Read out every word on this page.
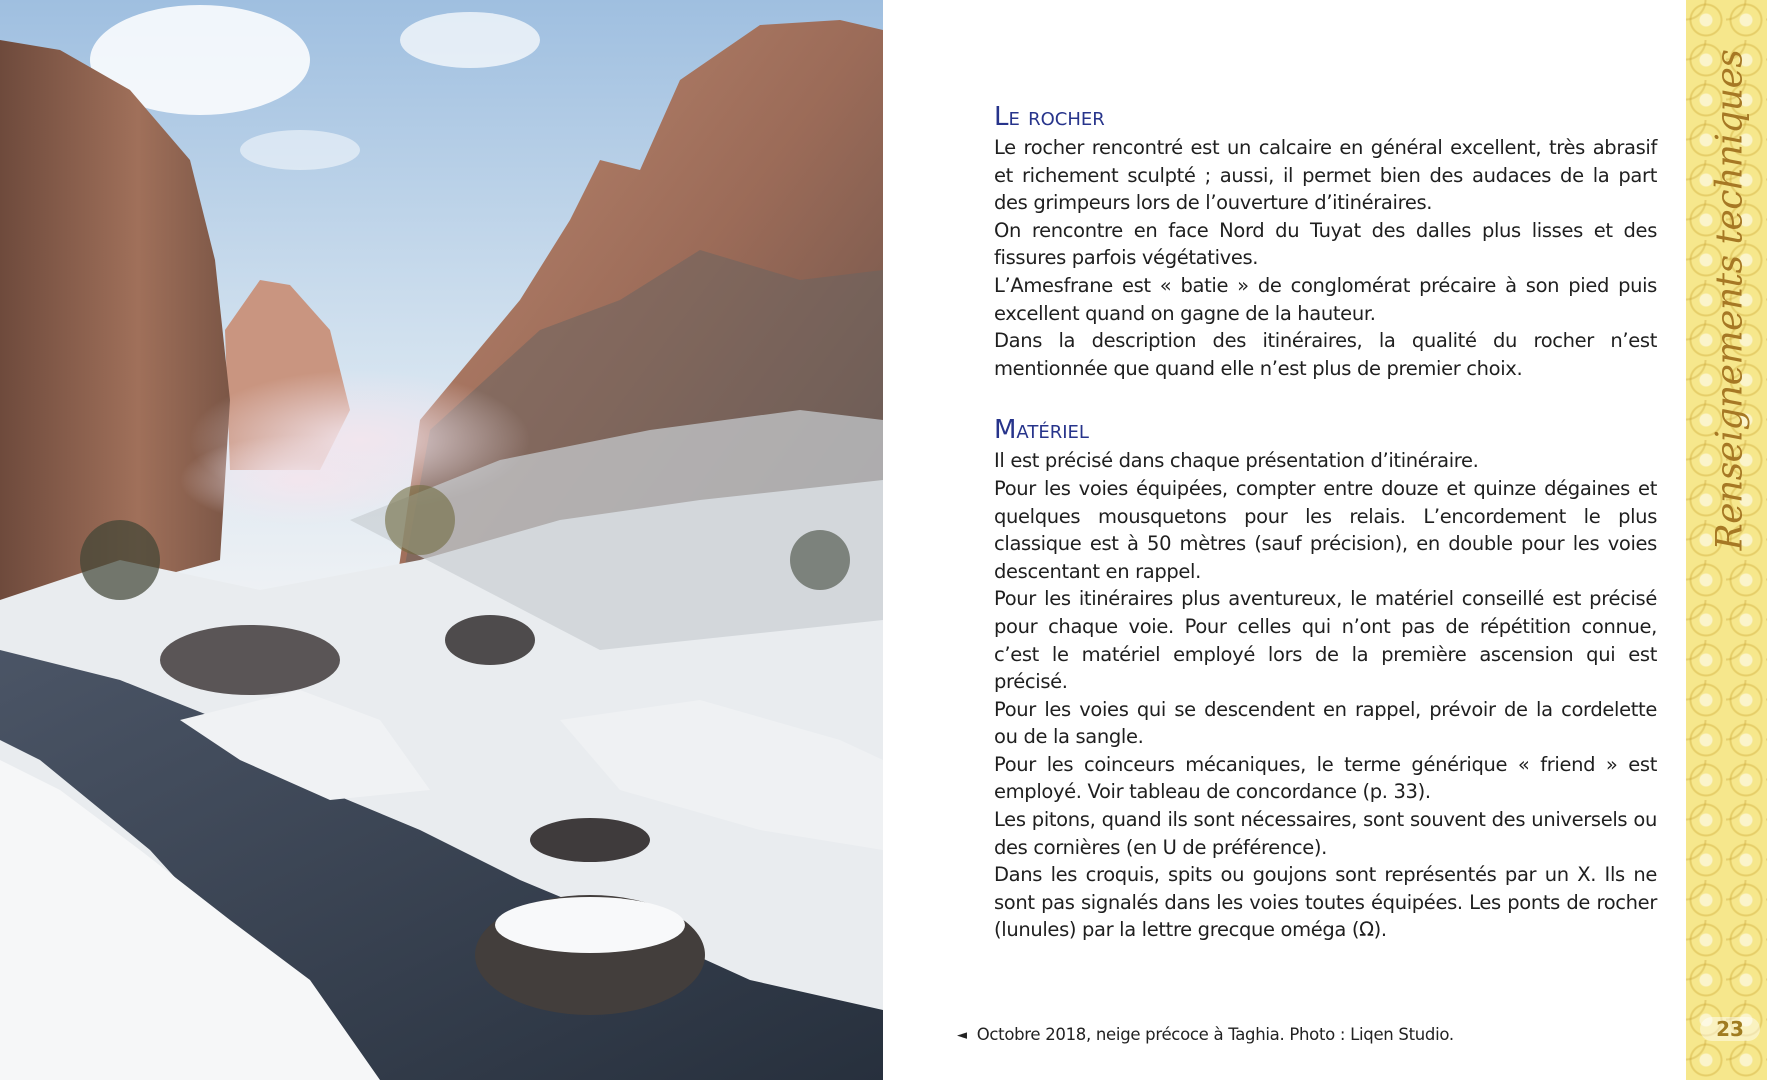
Le rocher

Le rocher rencontré est un calcaire en général excellent, très abrasif et richement sculpté ; aussi, il permet bien des audaces de la part des grimpeurs lors de l’ouverture d’itinéraires.

On rencontre en face Nord du Tuyat des dalles plus lisses et des fissures parfois végétatives.

L’Amesfrane est « batie » de conglomérat précaire à son pied puis excellent quand on gagne de la hauteur.

Dans la description des itinéraires, la qualité du rocher n’est mentionnée que quand elle n’est plus de premier choix.

Matériel

Il est précisé dans chaque présentation d’itinéraire.

Pour les voies équipées, compter entre douze et quinze dégaines et quelques mousquetons pour les relais. L’encordement le plus classique est à 50 mètres (sauf précision), en double pour les voies descentant en rappel.

Pour les itinéraires plus aventureux, le matériel conseillé est précisé pour chaque voie. Pour celles qui n’ont pas de répétition connue, c’est le matériel employé lors de la première ascension qui est précisé.

Pour les voies qui se descendent en rappel, prévoir de la cordelette ou de la sangle.

Pour les coinceurs mécaniques, le terme générique « friend » est employé. Voir tableau de concordance (p. 33).

Les pitons, quand ils sont nécessaires, sont souvent des universels ou des cornières (en U de préférence).

Dans les croquis, spits ou goujons sont représentés par un X. Ils ne sont pas signalés dans les voies toutes équipées. Les ponts de rocher (lunules) par la lettre grecque oméga (Ω).

◄ Octobre 2018, neige précoce à Taghia. Photo : Liqen Studio.
Renseignements techniques
23
